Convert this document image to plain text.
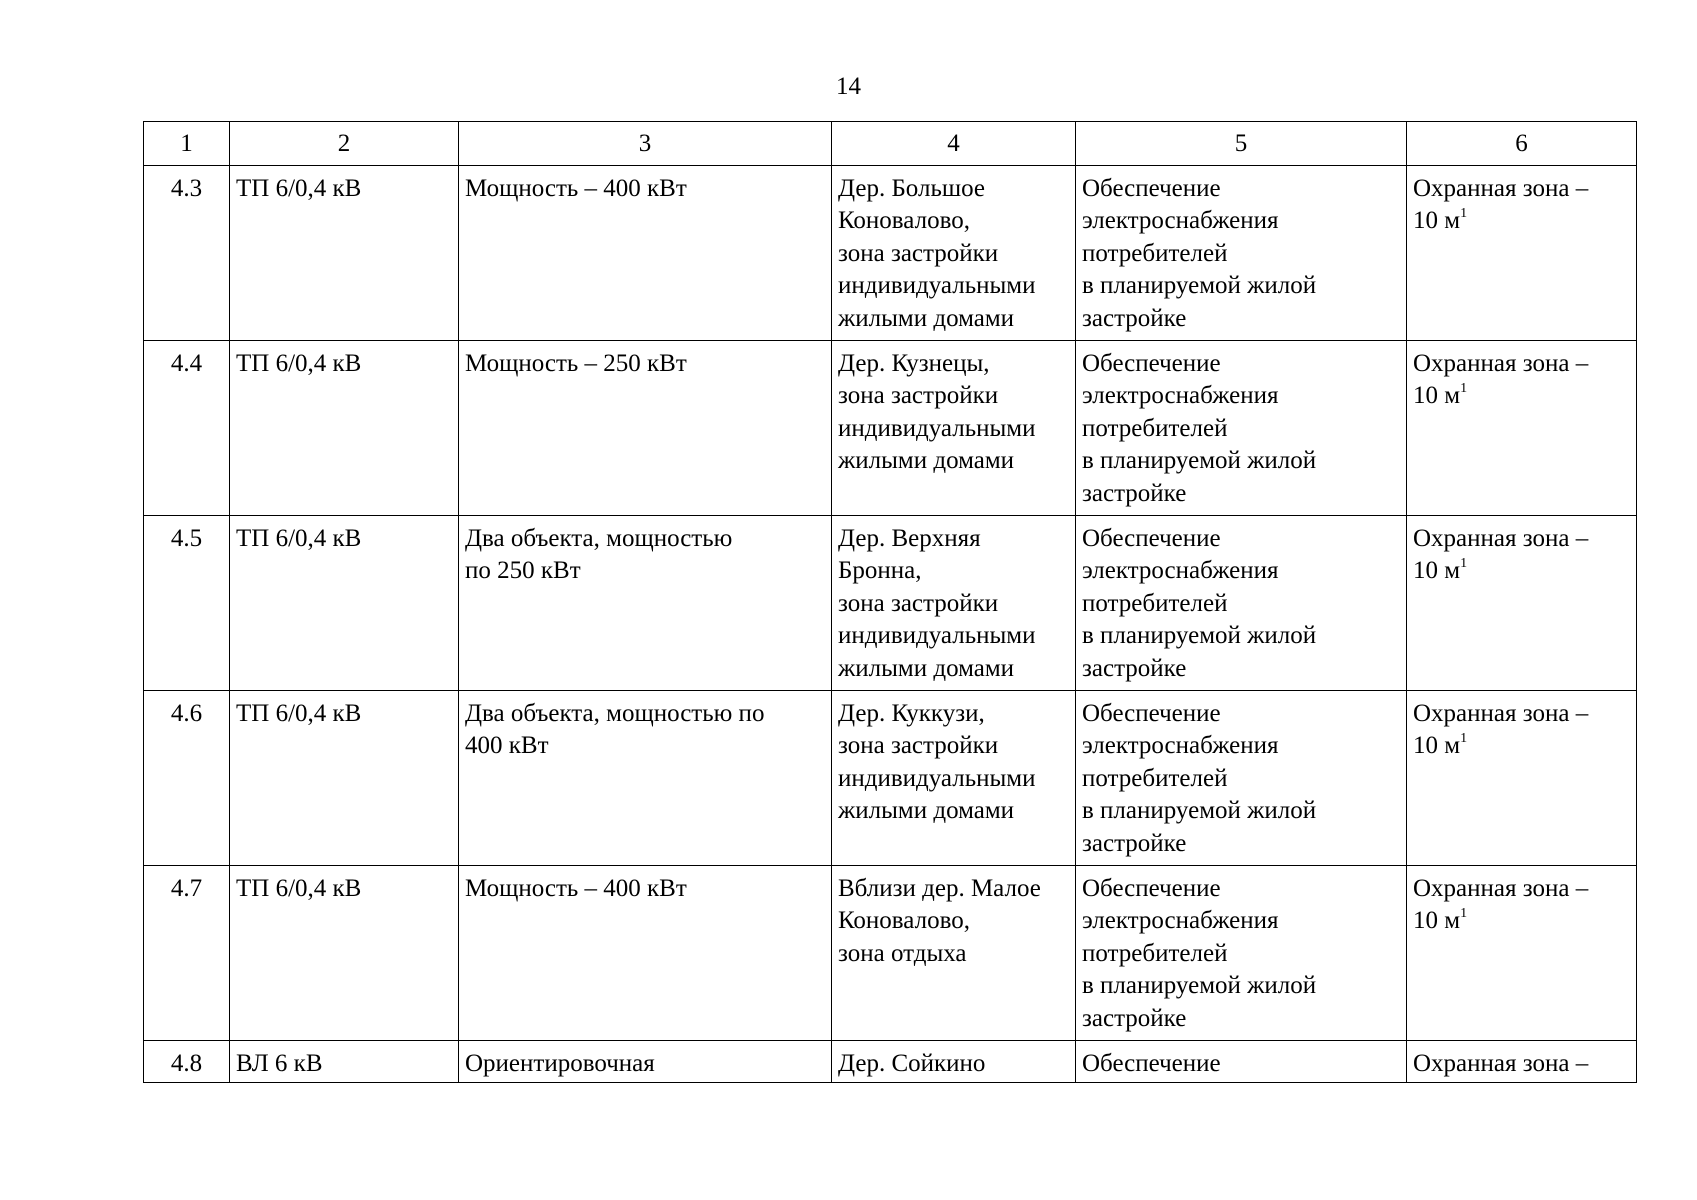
14
1	2	3	4	5	6
4.3	ТП 6/0,4 кВ	Мощность – 400 кВт	Дер. Большое
Коновалово,
зона застройки
индивидуальными
жилыми домами	Обеспечение
электроснабжения
потребителей
в планируемой жилой
застройке	Охранная зона –
10 $м^1$
4.4	ТП 6/0,4 кВ	Мощность – 250 кВт	Дер. Кузнецы,
зона застройки
индивидуальными
жилыми домами	Обеспечение
электроснабжения
потребителей
в планируемой жилой
застройке	Охранная зона –
10 $м^1$
4.5	ТП 6/0,4 кВ	Два объекта, мощностью
по 250 кВт	Дер. Верхняя
Бронна,
зона застройки
индивидуальными
жилыми домами	Обеспечение
электроснабжения
потребителей
в планируемой жилой
застройке	Охранная зона –
10 $м^1$
4.6	ТП 6/0,4 кВ	Два объекта, мощностью по
400 кВт	Дер. Куккузи,
зона застройки
индивидуальными
жилыми домами	Обеспечение
электроснабжения
потребителей
в планируемой жилой
застройке	Охранная зона –
10 $м^1$
4.7	ТП 6/0,4 кВ	Мощность – 400 кВт	Вблизи дер. Малое
Коновалово,
зона отдыха	Обеспечение
электроснабжения
потребителей
в планируемой жилой
застройке	Охранная зона –
10 $м^1$
4.8	ВЛ 6 кВ	Ориентировочная	Дер. Сойкино	Обеспечение	Охранная зона –
